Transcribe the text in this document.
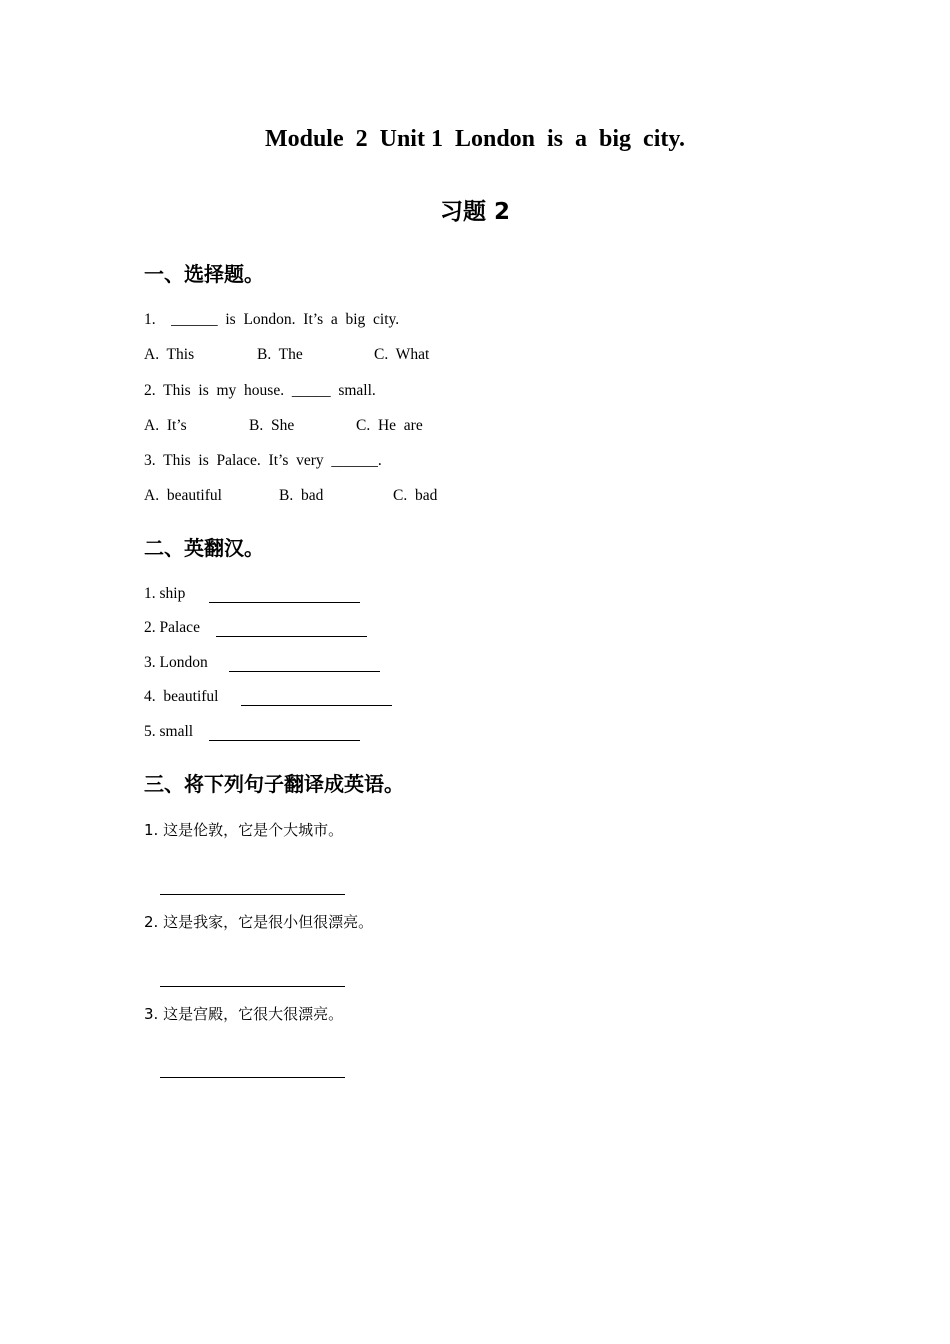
Module  2  Unit 1  London  is  a  big  city.
习题 2
一、选择题。
1.    ______  is  London.  It’s  a  big  city.
A.  This	B.  The	C.  What
2.  This  is  my  house.  _____  small.
A.  It’s	B.  She	C.  He  are
3.  This  is  Palace.  It’s  very  ______.
A.  beautiful	B.  bad	C.  bad
二、英翻汉。
1. ship
2. Palace
3. London
4.  beautiful
5. small
三、将下列句子翻译成英语。
1. 这是伦敦，它是个大城市。
2. 这是我家，它是很小但很漂亮。
3. 这是宫殿，它很大很漂亮。
